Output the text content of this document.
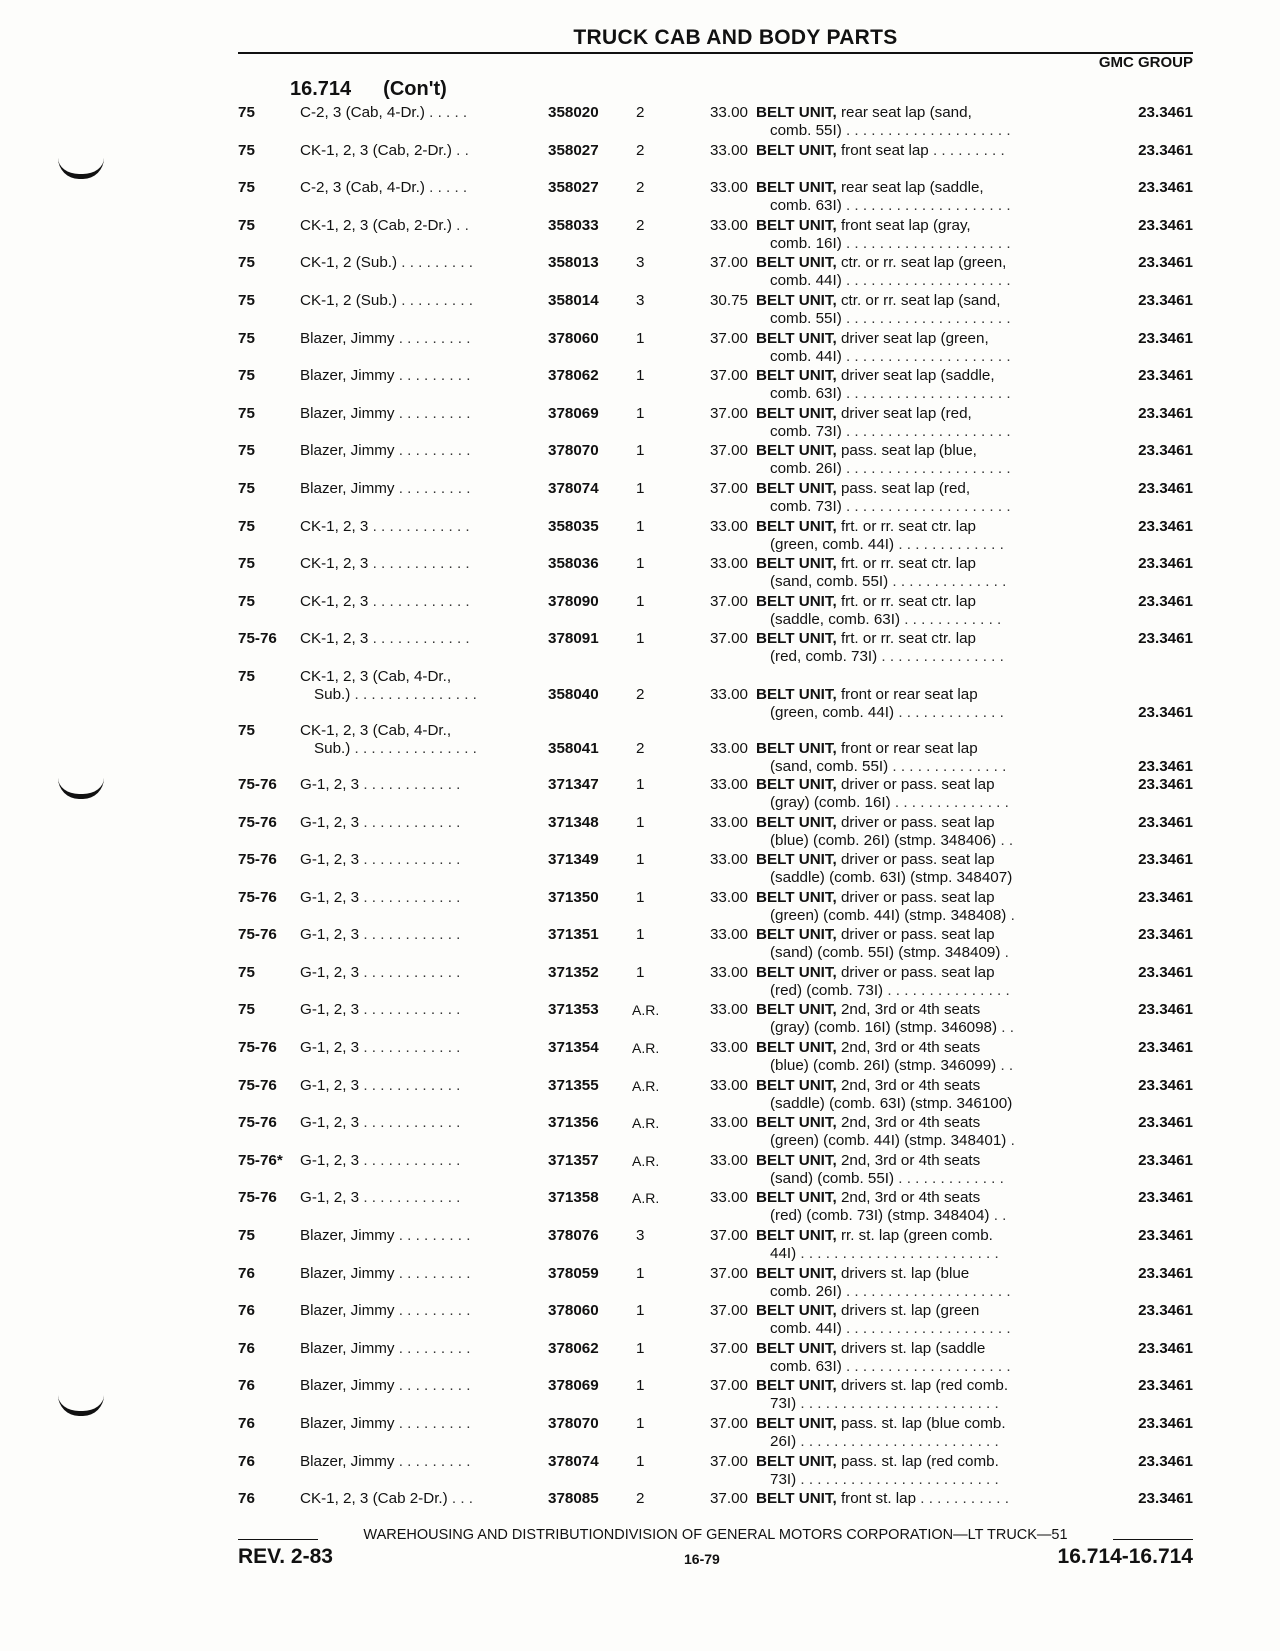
TRUCK CAB AND BODY PARTS
GMC GROUP
16.714 (Con't)
75	C-2, 3 (Cab, 4-Dr.) . . . . .	358020	2	33.00 BELT UNIT, rear seat lap (sand,
comb. 55I) . . . . . . . . . . . . . . . . . . . .
23.3461
75	CK-1, 2, 3 (Cab, 2-Dr.) . .	358027	2	33.00 BELT UNIT, front seat lap . . . . . . . . .	23.3461
75	C-2, 3 (Cab, 4-Dr.) . . . . .	358027	2	33.00 BELT UNIT, rear seat lap (saddle,
comb. 63I) . . . . . . . . . . . . . . . . . . . .
23.3461
75	CK-1, 2, 3 (Cab, 2-Dr.) . .	358033	2	33.00 BELT UNIT, front seat lap (gray,
comb. 16I) . . . . . . . . . . . . . . . . . . . .
23.3461
75	CK-1, 2 (Sub.) . . . . . . . . .	358013	3	37.00 BELT UNIT, ctr. or rr. seat lap (green,
comb. 44I) . . . . . . . . . . . . . . . . . . . .
23.3461
75	CK-1, 2 (Sub.) . . . . . . . . .	358014	3	30.75 BELT UNIT, ctr. or rr. seat lap (sand,
comb. 55I) . . . . . . . . . . . . . . . . . . . .
23.3461
75	Blazer, Jimmy . . . . . . . . .	378060	1	37.00 BELT UNIT, driver seat lap (green,
comb. 44I) . . . . . . . . . . . . . . . . . . . .
23.3461
75	Blazer, Jimmy . . . . . . . . .	378062	1	37.00 BELT UNIT, driver seat lap (saddle,
comb. 63I) . . . . . . . . . . . . . . . . . . . .
23.3461
75	Blazer, Jimmy . . . . . . . . .	378069	1	37.00 BELT UNIT, driver seat lap (red,
comb. 73I) . . . . . . . . . . . . . . . . . . . .
23.3461
75	Blazer, Jimmy . . . . . . . . .	378070	1	37.00 BELT UNIT, pass. seat lap (blue,
comb. 26I) . . . . . . . . . . . . . . . . . . . .
23.3461
75	Blazer, Jimmy . . . . . . . . .	378074	1	37.00 BELT UNIT, pass. seat lap (red,
comb. 73I) . . . . . . . . . . . . . . . . . . . .
23.3461
75	CK-1, 2, 3 . . . . . . . . . . . .	358035	1	33.00 BELT UNIT, frt. or rr. seat ctr. lap
(green, comb. 44I) . . . . . . . . . . . . .
23.3461
75	CK-1, 2, 3 . . . . . . . . . . . .	358036	1	33.00 BELT UNIT, frt. or rr. seat ctr. lap
(sand, comb. 55I) . . . . . . . . . . . . . .
23.3461
75	CK-1, 2, 3 . . . . . . . . . . . .	378090	1	37.00 BELT UNIT, frt. or rr. seat ctr. lap
(saddle, comb. 63I) . . . . . . . . . . . .
23.3461
75-76 CK-1, 2, 3 . . . . . . . . . . . .	378091	1	37.00 BELT UNIT, frt. or rr. seat ctr. lap
(red, comb. 73I) . . . . . . . . . . . . . . .
23.3461
75	CK-1, 2, 3 (Cab, 4-Dr.,
Sub.) . . . . . . . . . . . . . . .	358040	2	33.00 BELT UNIT, front or rear seat lap
(green, comb. 44I) . . . . . . . . . . . . .	23.3461
75	CK-1, 2, 3 (Cab, 4-Dr.,
Sub.) . . . . . . . . . . . . . . .	358041	2	33.00 BELT UNIT, front or rear seat lap
(sand, comb. 55I) . . . . . . . . . . . . . .	23.3461
75-76 G-1, 2, 3 . . . . . . . . . . . .	371347	1	33.00 BELT UNIT, driver or pass. seat lap
(gray) (comb. 16I) . . . . . . . . . . . . . .
23.3461
75-76 G-1, 2, 3 . . . . . . . . . . . .	371348	1	33.00 BELT UNIT, driver or pass. seat lap
(blue) (comb. 26I) (stmp. 348406) . .
23.3461
75-76 G-1, 2, 3 . . . . . . . . . . . .	371349	1	33.00 BELT UNIT, driver or pass. seat lap
(saddle) (comb. 63I) (stmp. 348407)
23.3461
75-76 G-1, 2, 3 . . . . . . . . . . . .	371350	1	33.00 BELT UNIT, driver or pass. seat lap
(green) (comb. 44I) (stmp. 348408) .
23.3461
75-76 G-1, 2, 3 . . . . . . . . . . . .	371351	1	33.00 BELT UNIT, driver or pass. seat lap
(sand) (comb. 55I) (stmp. 348409) .
23.3461
75	G-1, 2, 3 . . . . . . . . . . . .	371352	1	33.00 BELT UNIT, driver or pass. seat lap
(red) (comb. 73I) . . . . . . . . . . . . . . .
23.3461
75	G-1, 2, 3 . . . . . . . . . . . .	371353	A.R.	33.00 BELT UNIT, 2nd, 3rd or 4th seats
(gray) (comb. 16I) (stmp. 346098) . .
23.3461
75-76 G-1, 2, 3 . . . . . . . . . . . .	371354	A.R.	33.00 BELT UNIT, 2nd, 3rd or 4th seats
(blue) (comb. 26I) (stmp. 346099) . .
23.3461
75-76 G-1, 2, 3 . . . . . . . . . . . .	371355	A.R.	33.00 BELT UNIT, 2nd, 3rd or 4th seats
(saddle) (comb. 63I) (stmp. 346100)
23.3461
75-76 G-1, 2, 3 . . . . . . . . . . . .	371356	A.R.	33.00 BELT UNIT, 2nd, 3rd or 4th seats
(green) (comb. 44I) (stmp. 348401) .
23.3461
75-76* G-1, 2, 3 . . . . . . . . . . . .	371357	A.R.	33.00 BELT UNIT, 2nd, 3rd or 4th seats
(sand) (comb. 55I) . . . . . . . . . . . . .
23.3461
75-76 G-1, 2, 3 . . . . . . . . . . . .	371358	A.R.	33.00 BELT UNIT, 2nd, 3rd or 4th seats
(red) (comb. 73I) (stmp. 348404) . .
23.3461
75	Blazer, Jimmy . . . . . . . . .	378076	3	37.00 BELT UNIT, rr. st. lap (green comb.
44I) . . . . . . . . . . . . . . . . . . . . . . . .
23.3461
76	Blazer, Jimmy . . . . . . . . .	378059	1	37.00 BELT UNIT, drivers st. lap (blue
comb. 26I) . . . . . . . . . . . . . . . . . . . .
23.3461
76	Blazer, Jimmy . . . . . . . . .	378060	1	37.00 BELT UNIT, drivers st. lap (green
comb. 44I) . . . . . . . . . . . . . . . . . . . .
23.3461
76	Blazer, Jimmy . . . . . . . . .	378062	1	37.00 BELT UNIT, drivers st. lap (saddle
comb. 63I) . . . . . . . . . . . . . . . . . . . .
23.3461
76	Blazer, Jimmy . . . . . . . . .	378069	1	37.00 BELT UNIT, drivers st. lap (red comb.
73I) . . . . . . . . . . . . . . . . . . . . . . . .
23.3461
76	Blazer, Jimmy . . . . . . . . .	378070	1	37.00 BELT UNIT, pass. st. lap (blue comb.
26I) . . . . . . . . . . . . . . . . . . . . . . . .
23.3461
76	Blazer, Jimmy . . . . . . . . .	378074	1	37.00 BELT UNIT, pass. st. lap (red comb.
73I) . . . . . . . . . . . . . . . . . . . . . . . .
23.3461
76	CK-1, 2, 3 (Cab 2-Dr.) . . .	378085	2	37.00 BELT UNIT, front st. lap . . . . . . . . . . .	23.3461
WAREHOUSING AND DISTRIBUTIONDIVISION OF GENERAL MOTORS CORPORATION—LT TRUCK—51
REV. 2-83	16-79	16.714-16.714
